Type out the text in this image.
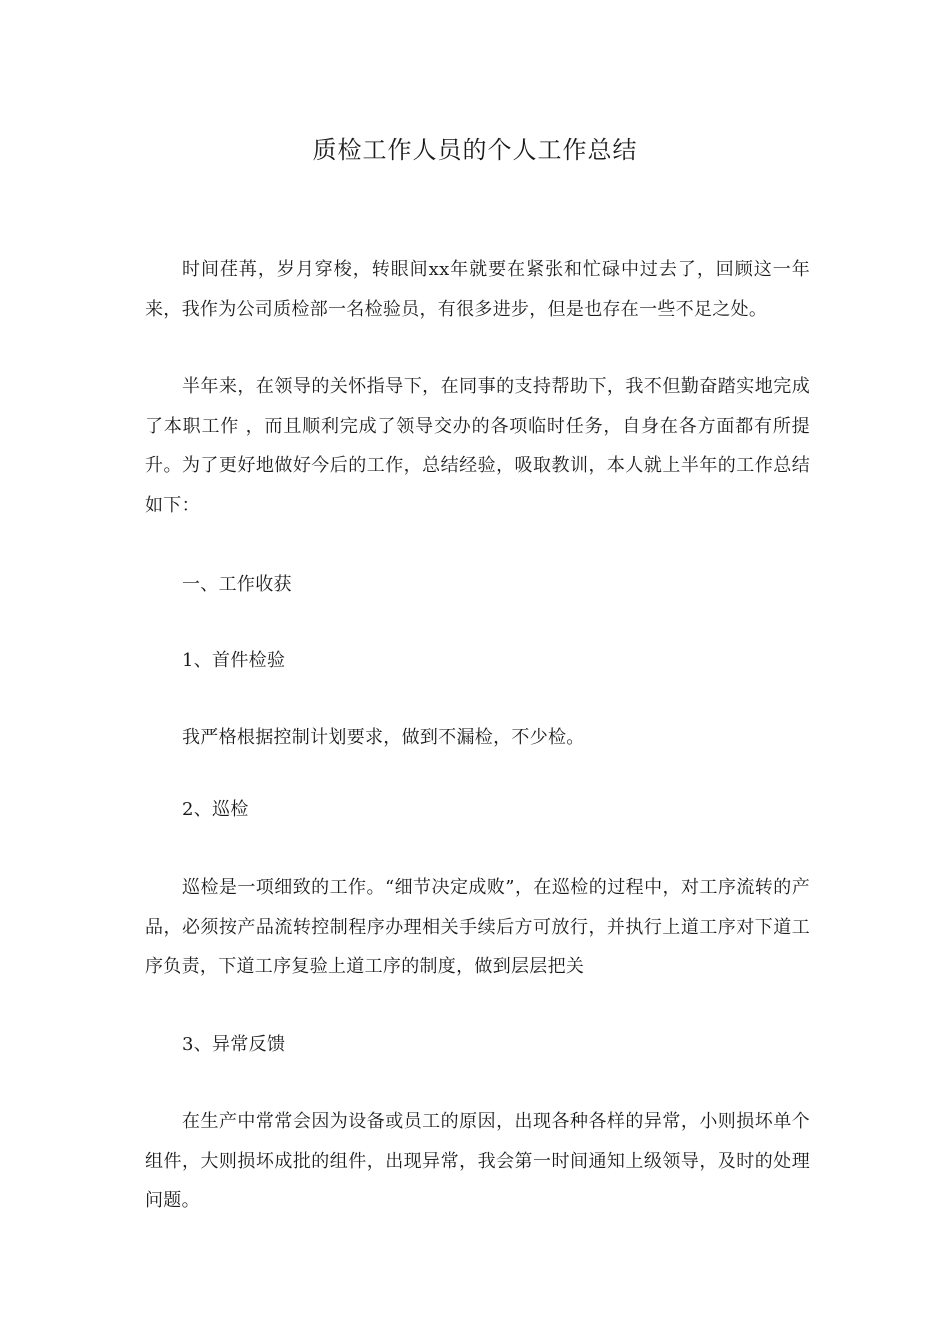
质检工作人员的个人工作总结

时间荏苒，岁月穿梭，转眼间xx年就要在紧张和忙碌中过去了，回顾这一年来，我作为公司质检部一名检验员，有很多进步，但是也存在一些不足之处。

半年来，在领导的关怀指导下，在同事的支持帮助下，我不但勤奋踏实地完成了本职工作 ，而且顺利完成了领导交办的各项临时任务，自身在各方面都有所提升。为了更好地做好今后的工作，总结经验，吸取教训，本人就上半年的工作总结如下：

一、工作收获
1、首件检验

我严格根据控制计划要求，做到不漏检，不少检。

2、巡检

巡检是一项细致的工作。“细节决定成败”，在巡检的过程中，对工序流转的产品，必须按产品流转控制程序办理相关手续后方可放行，并执行上道工序对下道工序负责，下道工序复验上道工序的制度，做到层层把关

3、异常反馈

在生产中常常会因为设备或员工的原因，出现各种各样的异常，小则损坏单个组件，大则损坏成批的组件，出现异常，我会第一时间通知上级领导，及时的处理问题。
